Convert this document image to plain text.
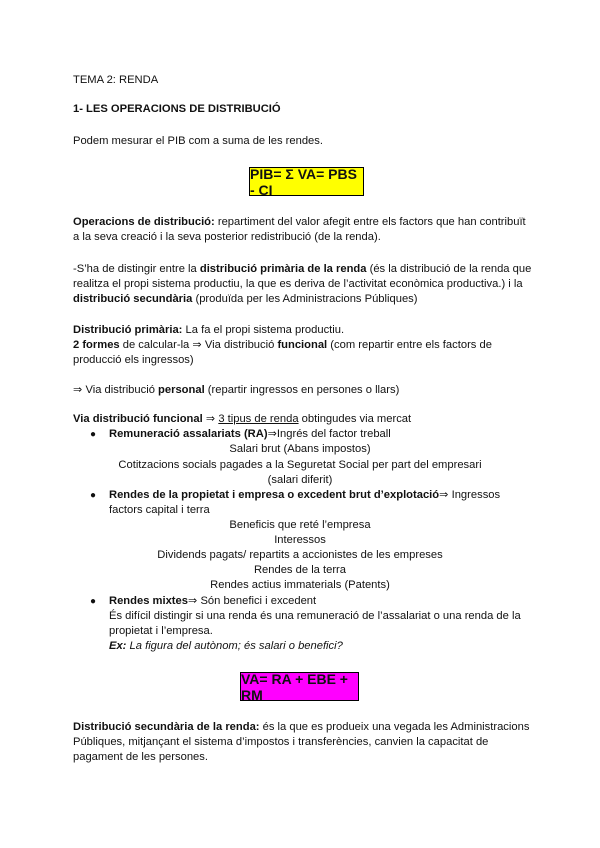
TEMA 2: RENDA
1- LES OPERACIONS DE DISTRIBUCIÓ
Podem mesurar el PIB com a suma de les rendes.
PIB= Σ VA= PBS - CI
Operacions de distribució: repartiment del valor afegit entre els factors que han contribuït
a la seva creació i la seva posterior redistribució (de la renda).
-S’ha de distingir entre la distribució primària de la renda (és la distribució de la renda que
realitza el propi sistema productiu, la que es deriva de l’activitat econòmica productiva.) i la
distribució secundària (produïda per les Administracions Públiques)
Distribució primària: La fa el propi sistema productiu.
2 formes de calcular-la ⇒ Via distribució funcional (com repartir entre els factors de
producció els ingressos)
⇒ Via distribució personal (repartir ingressos en persones o llars)
Via distribució funcional ⇒ 3 tipus de renda obtingudes via mercat
● Remuneració assalariats (RA)⇒Ingrés del factor treball
Salari brut (Abans impostos)
Cotitzacions socials pagades a la Seguretat Social per part del empresari
(salari diferit)
● Rendes de la propietat i empresa o excedent brut d’explotació⇒ Ingressos
factors capital i terra
Beneficis que reté l’empresa
Interessos
Dividends pagats/ repartits a accionistes de les empreses
Rendes de la terra
Rendes actius immaterials (Patents)
● Rendes mixtes⇒ Són benefici i excedent
És difícil distingir si una renda és una remuneració de l’assalariat o una renda de la
propietat i l’empresa.
Ex: La figura del autònom; és salari o benefici?
VA= RA + EBE + RM
Distribució secundària de la renda: és la que es produeix una vegada les Administracions
Públiques, mitjançant el sistema d’impostos i transferències, canvien la capacitat de
pagament de les persones.
